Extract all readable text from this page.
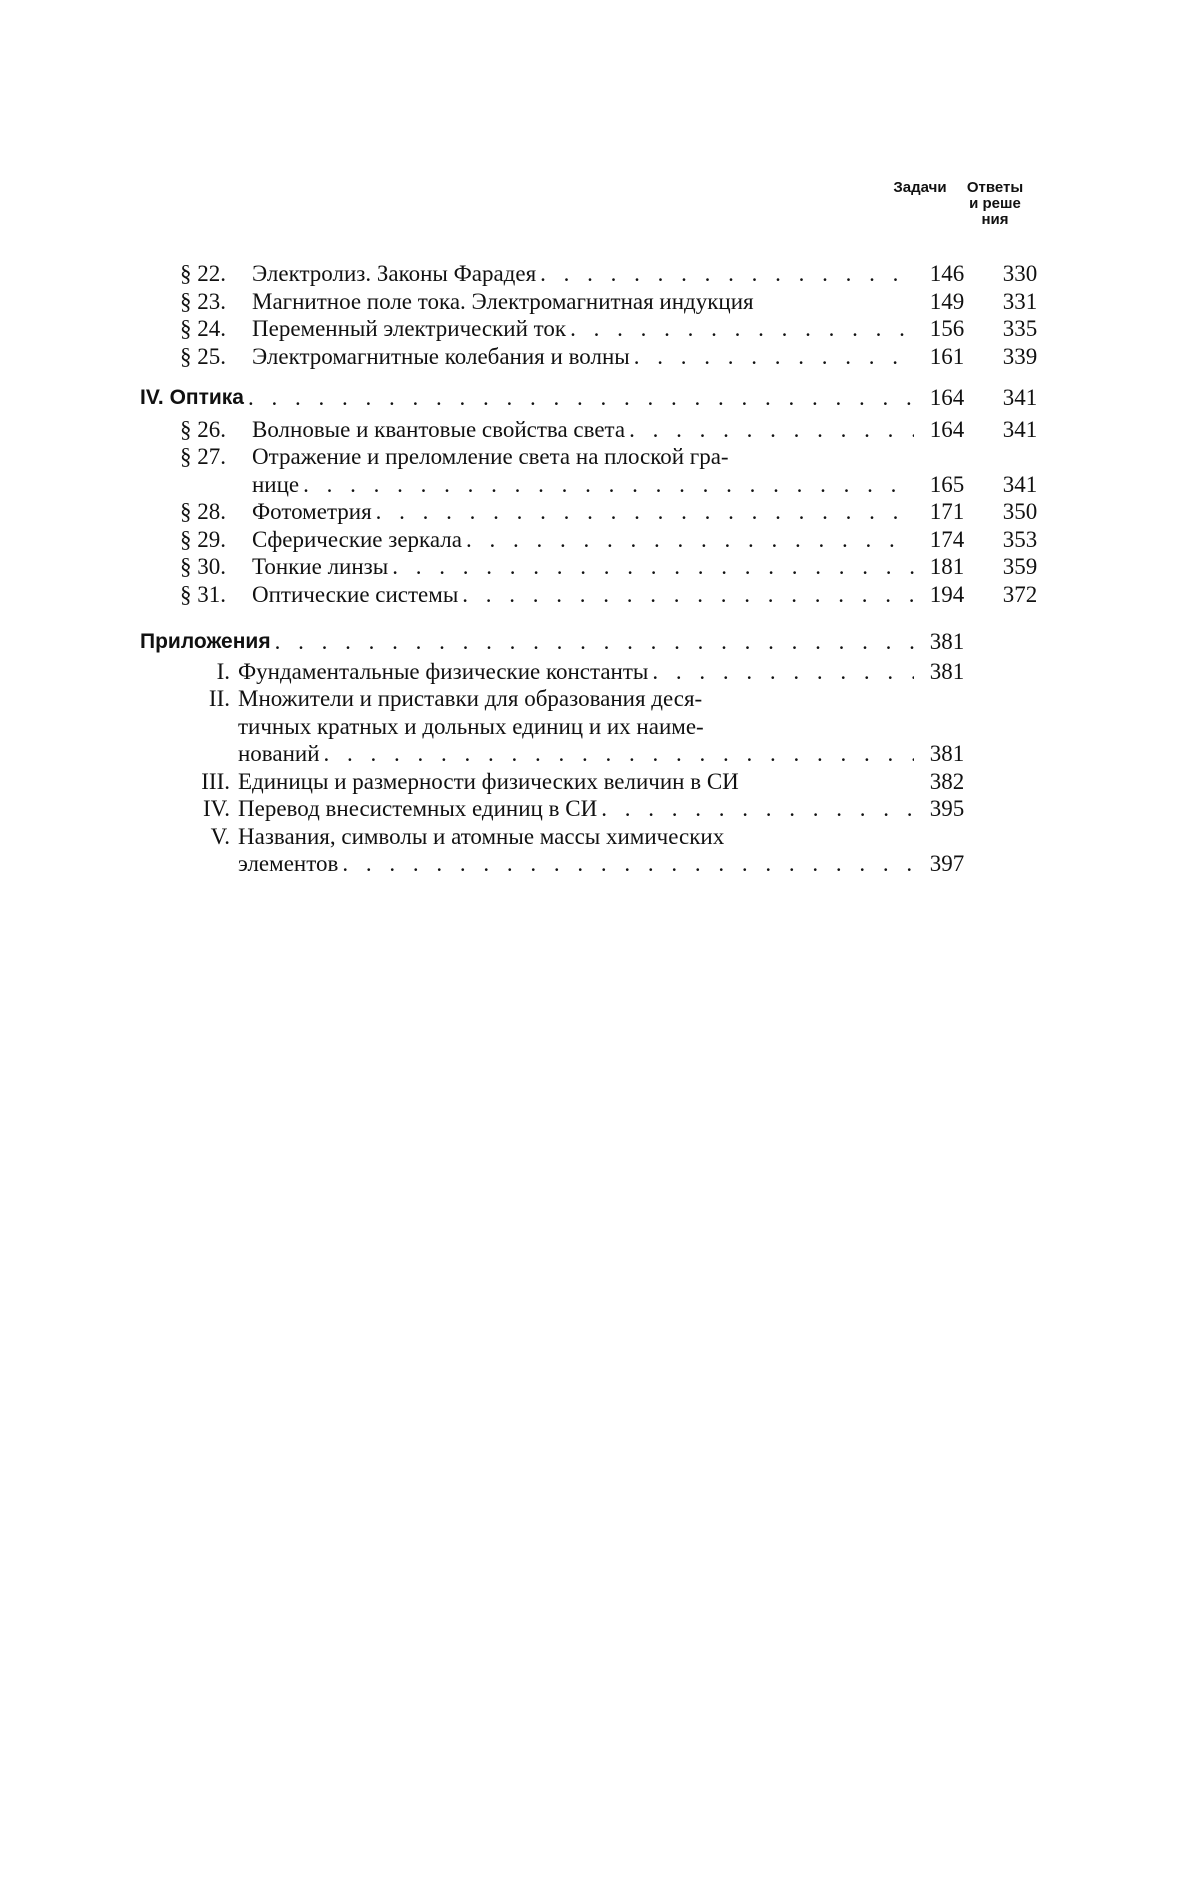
Задачи	Ответы
и реше
ния
§ 22.	Электролиз. Законы Фарадея . . .	146	330
§ 23.	Магнитное поле тока. Электромагнитная индукция	149	331
§ 24.	Переменный электрический ток . . .	156	335
§ 25.	Электромагнитные колебания и волны . . .	161	339
IV. Оптика . . .	164	341
§ 26.	Волновые и квантовые свойства света . . .	164	341
§ 27.	Отражение и преломление света на плоской гра-
нице . . .	165	341
§ 28.	Фотометрия . . .	171	350
§ 29.	Сферические зеркала . . .	174	353
§ 30.	Тонкие линзы . . .	181	359
§ 31.	Оптические системы . . .	194	372
Приложения . . .	381
I. Фундаментальные физические константы . . .	381
II. Множители и приставки для образования деся-
тичных кратных и дольных единиц и их наиме-
нований . . .	381
III. Единицы и размерности физических величин в СИ	382
IV. Перевод внесистемных единиц в СИ . . .	395
V. Названия, символы и атомные массы химических
элементов . . .	397
